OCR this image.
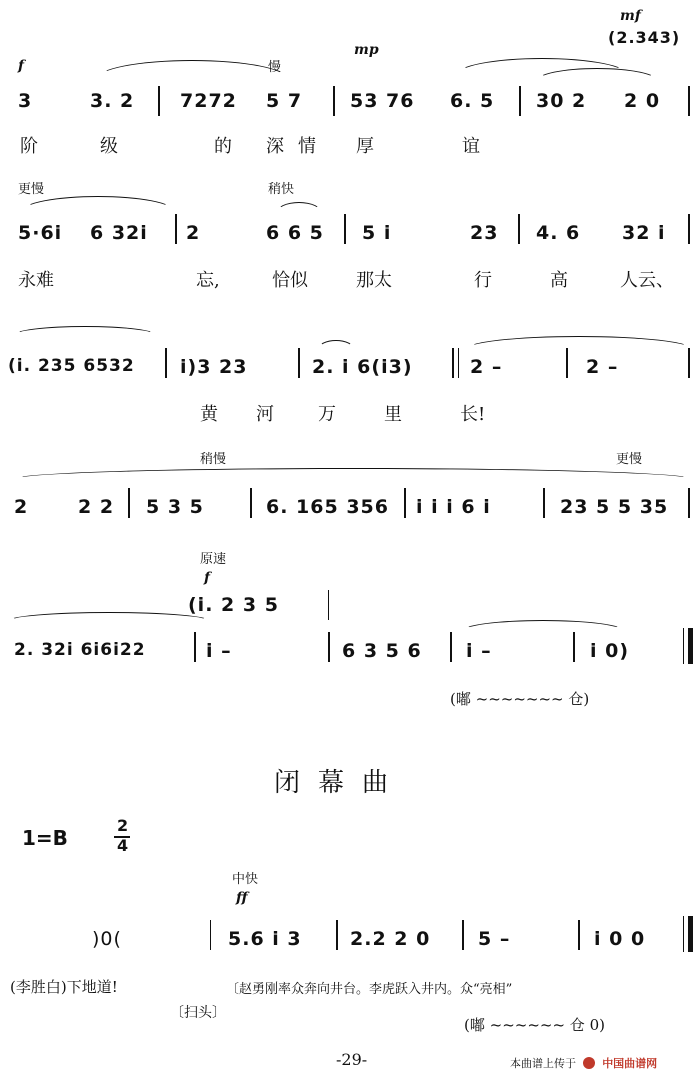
f	慢
mp
mf
(2.343)
3	3. 2 7272 5 7	53 76 6. 5 30 2 2 0
阶	级	的 深 情 厚	谊
更慢	稍快
5·6i 6 32i 2	6 6 5 5 i	23 4. 6 32 i
永难	忘,	恰似	那太	行	高	人云、
(i. 235 6532 i)3 23	2. i 6(i3)	2 –	2 –
黄 河 万	里	长!
稍慢	更慢
2	2 2 5 3 5	6. 165 356 i i i 6 i	23 5 5 35
原速
f
(i. 2 3 5
2. 32i 6i6i22	i –	6 3 5 6 i –	i 0)
(嘟 ~~~~~~~ 仓)
闭幕曲
1=B
2
4
中快
ff
)0(	5.6 i 3	2.2 2 0	5 –	i 0 0
(李胜白)下地道!	〔赵勇刚率众奔向井台。李虎跃入井内。众“亮相”
〔扫头〕
(嘟 ~~~~~~ 仓 0)
-29-	本曲谱上传于 中国曲谱网
